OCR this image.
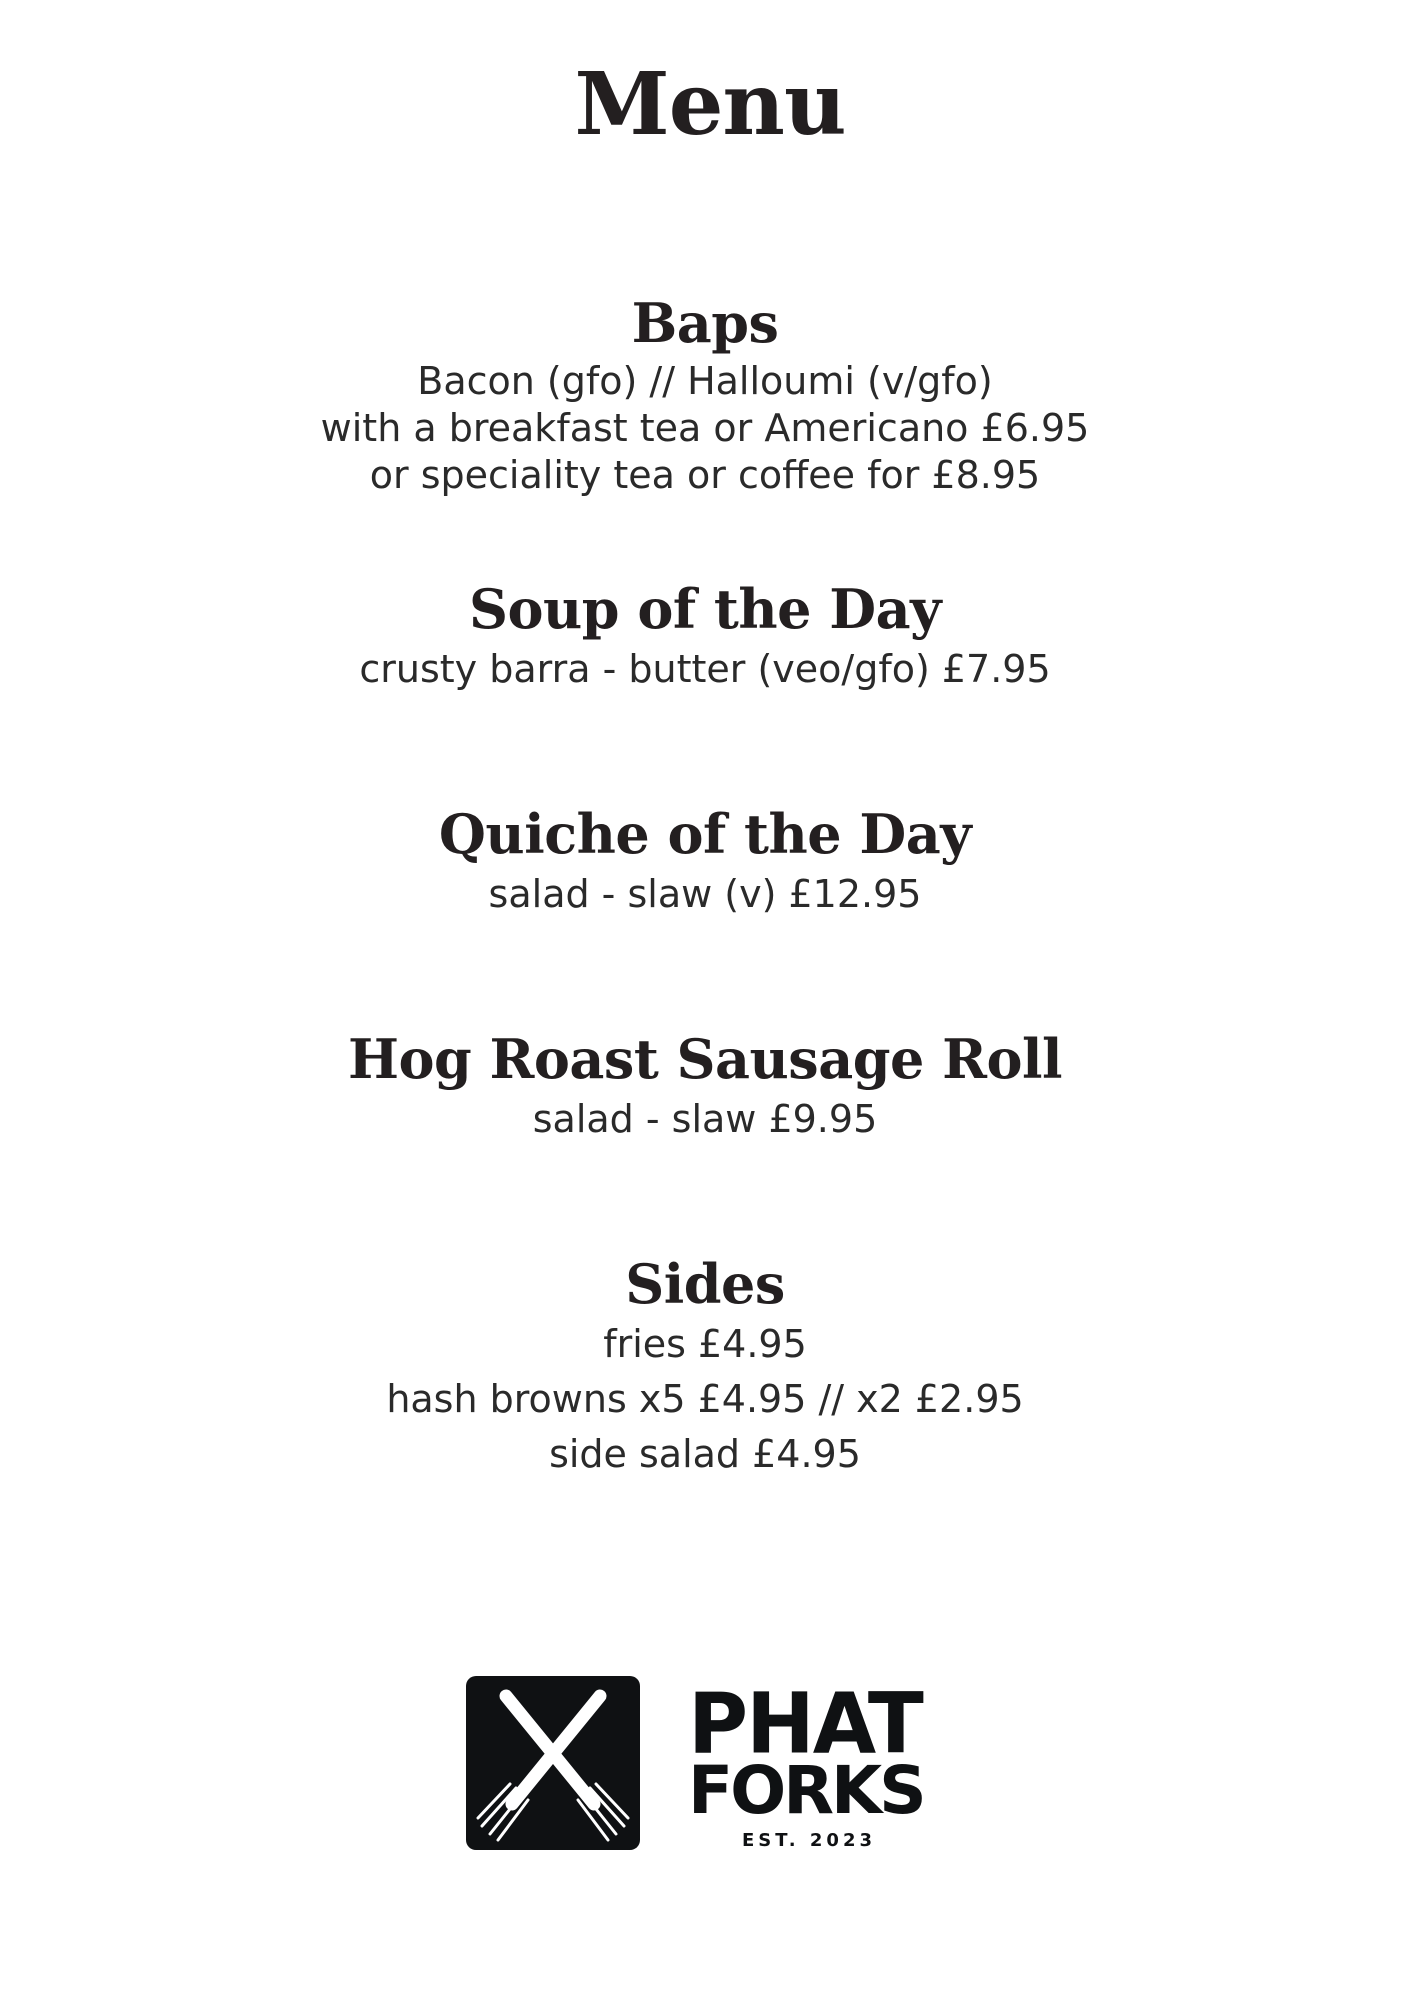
Menu
Baps
Bacon (gfo) // Halloumi (v/gfo)
with a breakfast tea or Americano £6.95
or speciality tea or coffee for £8.95
Soup of the Day
crusty barra - butter (veo/gfo) £7.95
Quiche of the Day
salad - slaw (v) £12.95
Hog Roast Sausage Roll
salad - slaw £9.95
Sides
fries £4.95
hash browns x5 £4.95 // x2 £2.95
side salad £4.95
PHAT
FORKS
EST. 2023
